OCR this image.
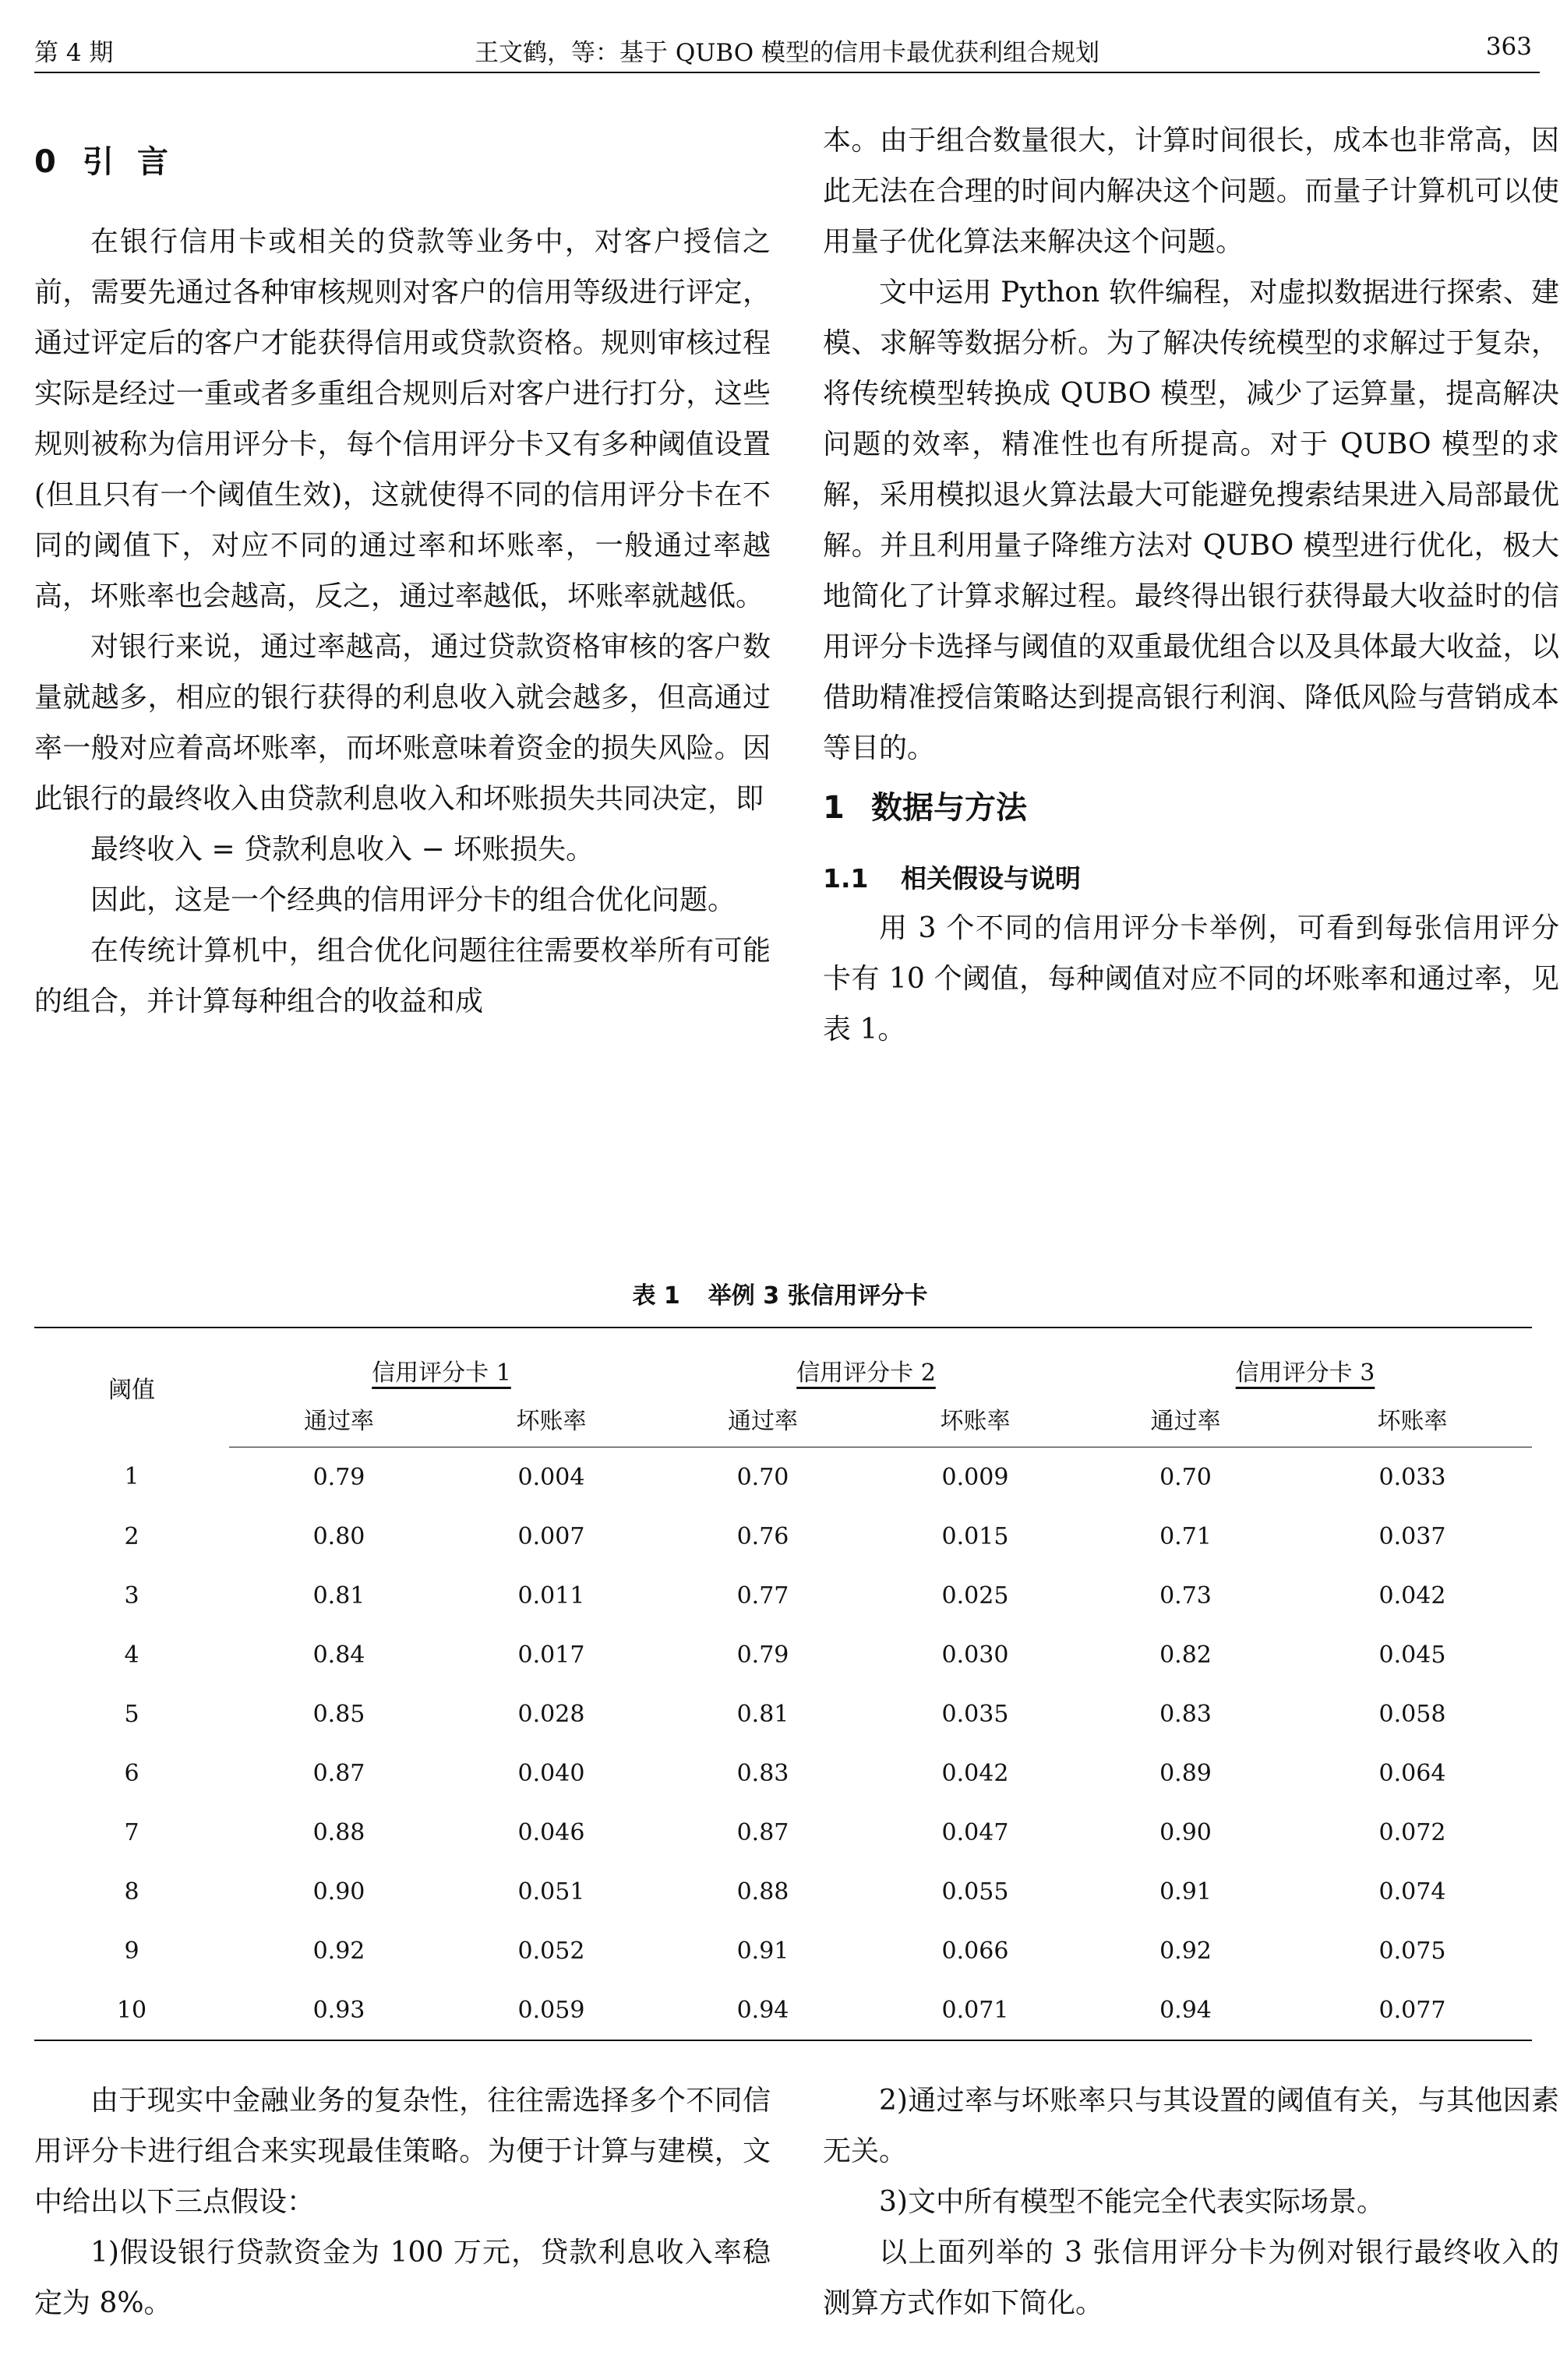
第 4 期	王文鹤，等：基于 QUBO 模型的信用卡最优获利组合规划	363
0 引言

在银行信用卡或相关的贷款等业务中，对客户授信之前，需要先通过各种审核规则对客户的信用等级进行评定，通过评定后的客户才能获得信用或贷款资格。规则审核过程实际是经过一重或者多重组合规则后对客户进行打分，这些规则被称为信用评分卡，每个信用评分卡又有多种阈值设置(但且只有一个阈值生效)，这就使得不同的信用评分卡在不同的阈值下，对应不同的通过率和坏账率，一般通过率越高，坏账率也会越高，反之，通过率越低，坏账率就越低。

对银行来说，通过率越高，通过贷款资格审核的客户数量就越多，相应的银行获得的利息收入就会越多，但高通过率一般对应着高坏账率，而坏账意味着资金的损失风险。因此银行的最终收入由贷款利息收入和坏账损失共同决定，即

最终收入 = 贷款利息收入 − 坏账损失。

因此，这是一个经典的信用评分卡的组合优化问题。

在传统计算机中，组合优化问题往往需要枚举所有可能的组合，并计算每种组合的收益和成

本。由于组合数量很大，计算时间很长，成本也非常高，因此无法在合理的时间内解决这个问题。而量子计算机可以使用量子优化算法来解决这个问题。

文中运用 Python 软件编程，对虚拟数据进行探索、建模、求解等数据分析。为了解决传统模型的求解过于复杂，将传统模型转换成 QUBO 模型，减少了运算量，提高解决问题的效率，精准性也有所提高。对于 QUBO 模型的求解，采用模拟退火算法最大可能避免搜索结果进入局部最优解。并且利用量子降维方法对 QUBO 模型进行优化，极大地简化了计算求解过程。最终得出银行获得最大收益时的信用评分卡选择与阈值的双重最优组合以及具体最大收益，以借助精准授信策略达到提高银行利润、降低风险与营销成本等目的。

1 数据与方法
1.1 相关假设与说明

用 3 个不同的信用评分卡举例，可看到每张信用评分卡有 10 个阈值，每种阈值对应不同的坏账率和通过率，见表 1。

表 1 举例 3 张信用评分卡
阈值	信用评分卡 1		信用评分卡 2		信用评分卡 3	
	通过率	坏账率	通过率	坏账率	通过率	坏账率
1	0.79	0.004	0.70	0.009	0.70	0.033
2	0.80	0.007	0.76	0.015	0.71	0.037
3	0.81	0.011	0.77	0.025	0.73	0.042
4	0.84	0.017	0.79	0.030	0.82	0.045
5	0.85	0.028	0.81	0.035	0.83	0.058
6	0.87	0.040	0.83	0.042	0.89	0.064
7	0.88	0.046	0.87	0.047	0.90	0.072
8	0.90	0.051	0.88	0.055	0.91	0.074
9	0.92	0.052	0.91	0.066	0.92	0.075
10	0.93	0.059	0.94	0.071	0.94	0.077

由于现实中金融业务的复杂性，往往需选择多个不同信用评分卡进行组合来实现最佳策略。为便于计算与建模，文中给出以下三点假设：

1)假设银行贷款资金为 100 万元，贷款利息收入率稳定为 8%。

2)通过率与坏账率只与其设置的阈值有关，与其他因素无关。

3)文中所有模型不能完全代表实际场景。

以上面列举的 3 张信用评分卡为例对银行最终收入的测算方式作如下简化。
